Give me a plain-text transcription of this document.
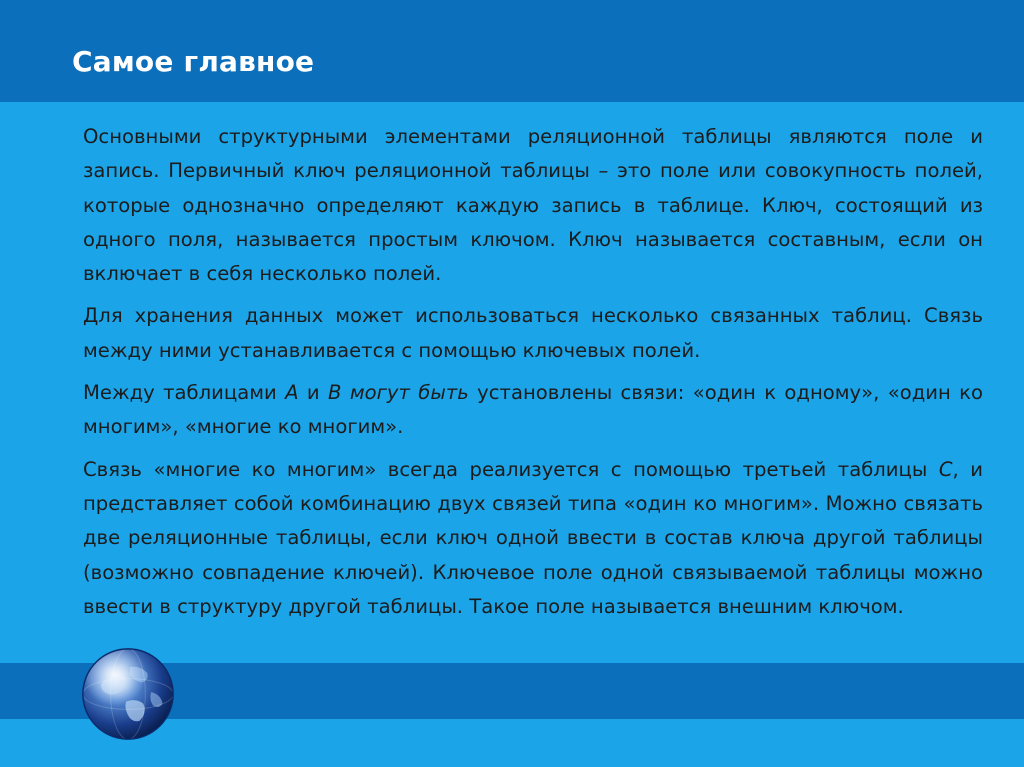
Самое главное

Основными структурными элементами реляционной таблицы являются поле и запись. Первичный ключ реляционной таблицы – это поле или совокупность полей, которые однозначно определяют каждую запись в таблице. Ключ, состоящий из одного поля, называется простым ключом. Ключ называется составным, если он включает в себя несколько полей.

Для хранения данных может использоваться несколько связанных таблиц. Связь между ними устанавливается с помощью ключевых полей.

Между таблицами А и В могут быть установлены связи: «один к одному», «один ко многим», «многие ко многим».

Связь «многие ко многим» всегда реализуется с помощью третьей таблицы С, и представляет собой комбинацию двух связей типа «один ко многим». Можно связать две реляционные таблицы, если ключ одной ввести в состав ключа другой таблицы (возможно совпадение ключей). Ключевое поле одной связываемой таблицы можно ввести в структуру другой таблицы. Такое поле называется внешним ключом.
